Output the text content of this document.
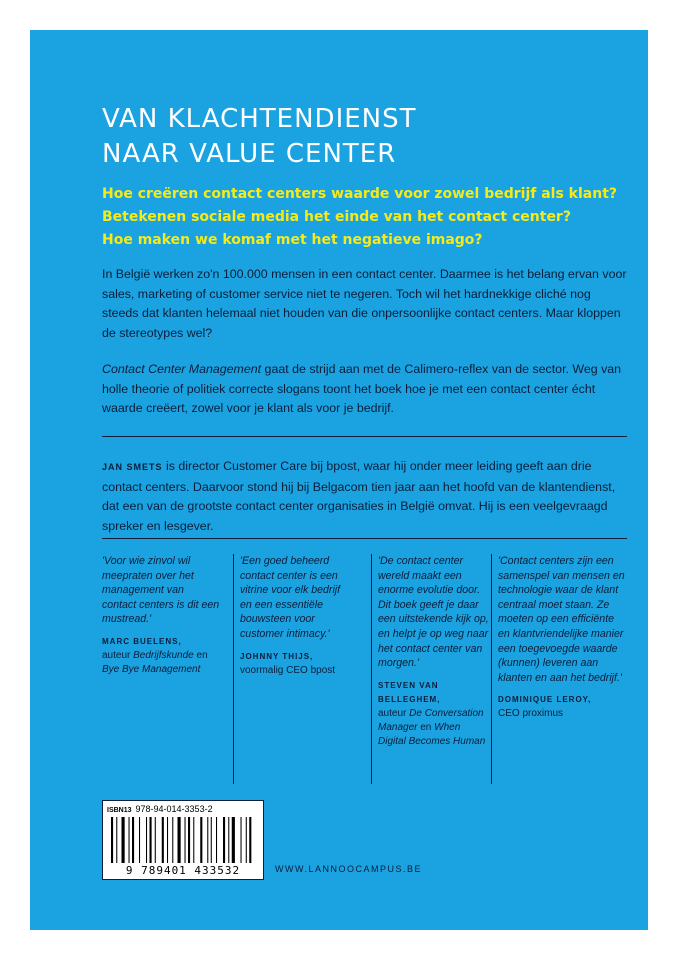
VAN KLACHTENDIENST
NAAR VALUE CENTER
Hoe creëren contact centers waarde voor zowel bedrijf als klant?
Betekenen sociale media het einde van het contact center?
Hoe maken we komaf met het negatieve imago?

In België werken zo'n 100.000 mensen in een contact center. Daarmee is het belang ervan voor sales, marketing of customer service niet te negeren. Toch wil het hardnekkige cliché nog steeds dat klanten helemaal niet houden van die onpersoonlijke contact centers. Maar kloppen de stereotypes wel?

Contact Center Management gaat de strijd aan met de Calimero-reflex van de sector. Weg van holle theorie of politiek correcte slogans toont het boek hoe je met een contact center écht waarde creëert, zowel voor je klant als voor je bedrijf.

JAN SMETS is director Customer Care bij bpost, waar hij onder meer leiding geeft aan drie contact centers. Daarvoor stond hij bij Belgacom tien jaar aan het hoofd van de klantendienst, dat een van de grootste contact center organisaties in België omvat. Hij is een veelgevraagd spreker en lesgever.

'Voor wie zinvol wil meepraten over het management van contact centers is dit een mustread.'

MARC BUELENS,
auteur Bedrijfskunde en Bye Bye Management

'Een goed beheerd contact center is een vitrine voor elk bedrijf en een essentiële bouwsteen voor customer intimacy.'

JOHNNY THIJS,
voormalig CEO bpost

'De contact center wereld maakt een enorme evolutie door. Dit boek geeft je daar een uitstekende kijk op, en helpt je op weg naar het contact center van morgen.'

STEVEN VAN BELLEGHEM,
auteur De Conversation Manager en When Digital Becomes Human

'Contact centers zijn een samenspel van mensen en technologie waar de klant centraal moet staan. Ze moeten op een efficiënte en klantvriendelijke manier een toegevoegde waarde (kunnen) leveren aan klanten en aan het bedrijf.'

DOMINIQUE LEROY,
CEO proximus

ISBN13 978-94-014-3353-2
9 789401 433532	WWW.LANNOOCAMPUS.BE
